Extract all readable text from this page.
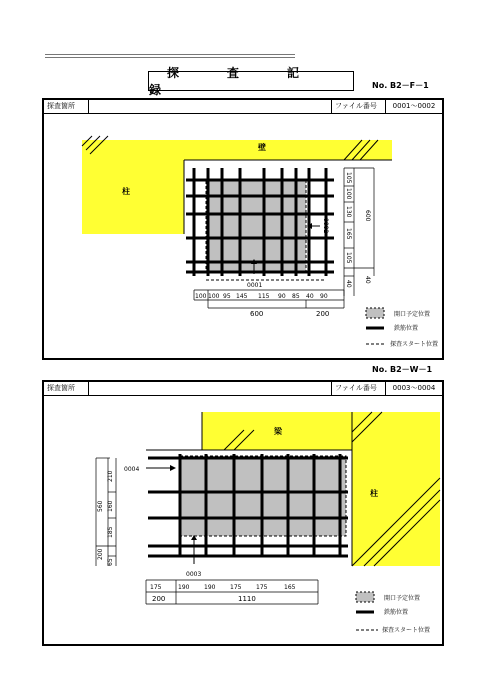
探　査　記　録	No. B2－F－1
探査箇所	ファイル番号	0001～0002
壁
柱
0001
0002
105
100
130
165
105
40
600
40
100 100 95 145 115 90 85 40 90
600	200	開口予定位置
鉄筋位置
探査スタート位置
No. B2－W－1
探査箇所	ファイル番号	0003～0004
梁
柱
0004
0003
210
160
185
65
560
200
175	190 190 175 175	165
200	1110	開口予定位置
鉄筋位置
探査スタート位置
